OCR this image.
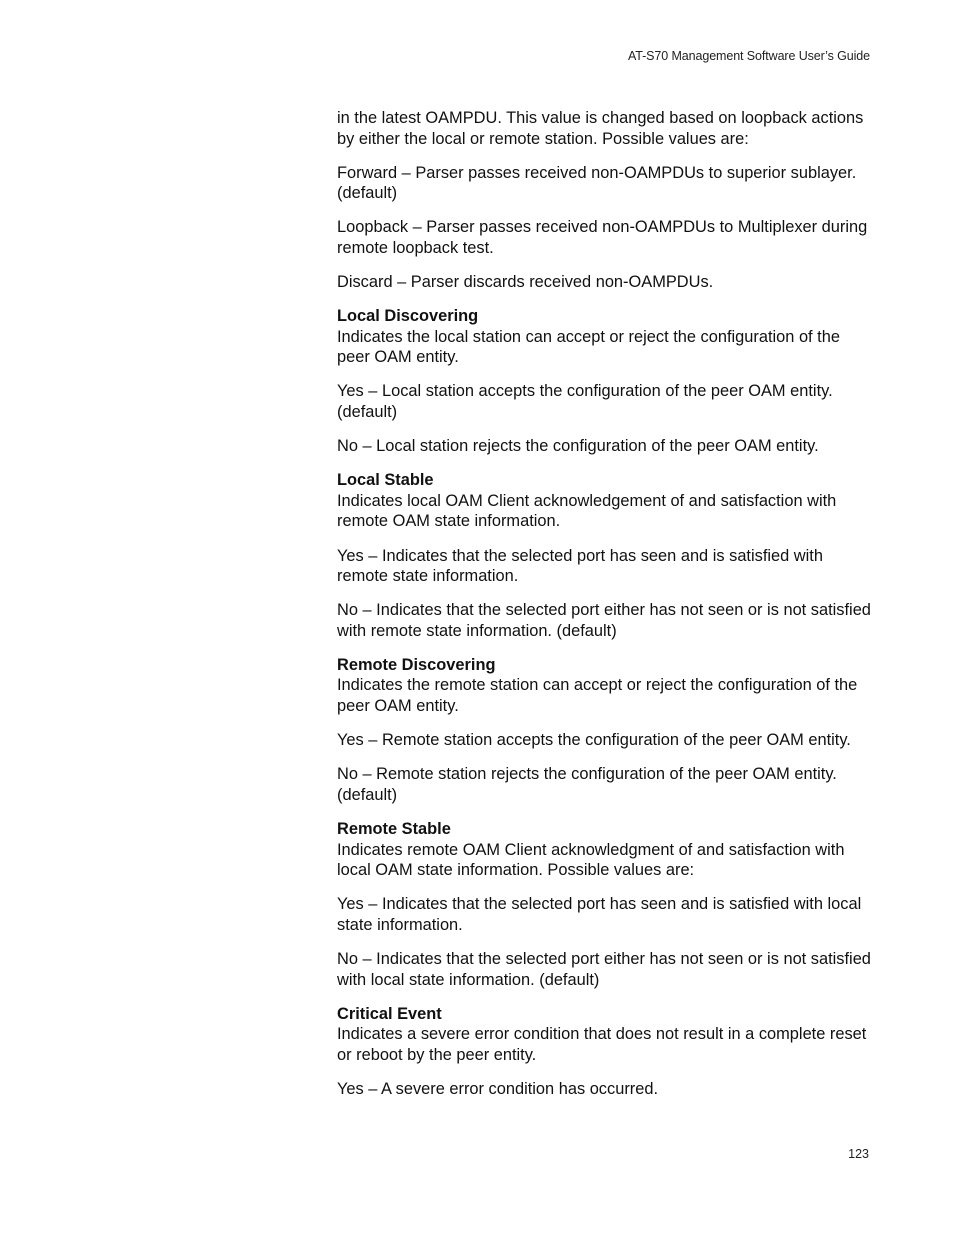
AT-S70 Management Software User’s Guide

in the latest OAMPDU. This value is changed based on loopback actions by either the local or remote station. Possible values are:

Forward – Parser passes received non-OAMPDUs to superior sublayer. (default)

Loopback – Parser passes received non-OAMPDUs to Multiplexer during remote loopback test.

Discard – Parser discards received non-OAMPDUs.

Local Discovering

Indicates the local station can accept or reject the configuration of the peer OAM entity.

Yes – Local station accepts the configuration of the peer OAM entity. (default)

No – Local station rejects the configuration of the peer OAM entity.

Local Stable

Indicates local OAM Client acknowledgement of and satisfaction with remote OAM state information.

Yes – Indicates that the selected port has seen and is satisfied with remote state information.

No – Indicates that the selected port either has not seen or is not satisfied with remote state information. (default)

Remote Discovering

Indicates the remote station can accept or reject the configuration of the peer OAM entity.

Yes – Remote station accepts the configuration of the peer OAM entity.

No – Remote station rejects the configuration of the peer OAM entity. (default)

Remote Stable

Indicates remote OAM Client acknowledgment of and satisfaction with local OAM state information. Possible values are:

Yes – Indicates that the selected port has seen and is satisfied with local state information.

No – Indicates that the selected port either has not seen or is not satisfied with local state information. (default)

Critical Event

Indicates a severe error condition that does not result in a complete reset or reboot by the peer entity.

Yes – A severe error condition has occurred.

123
